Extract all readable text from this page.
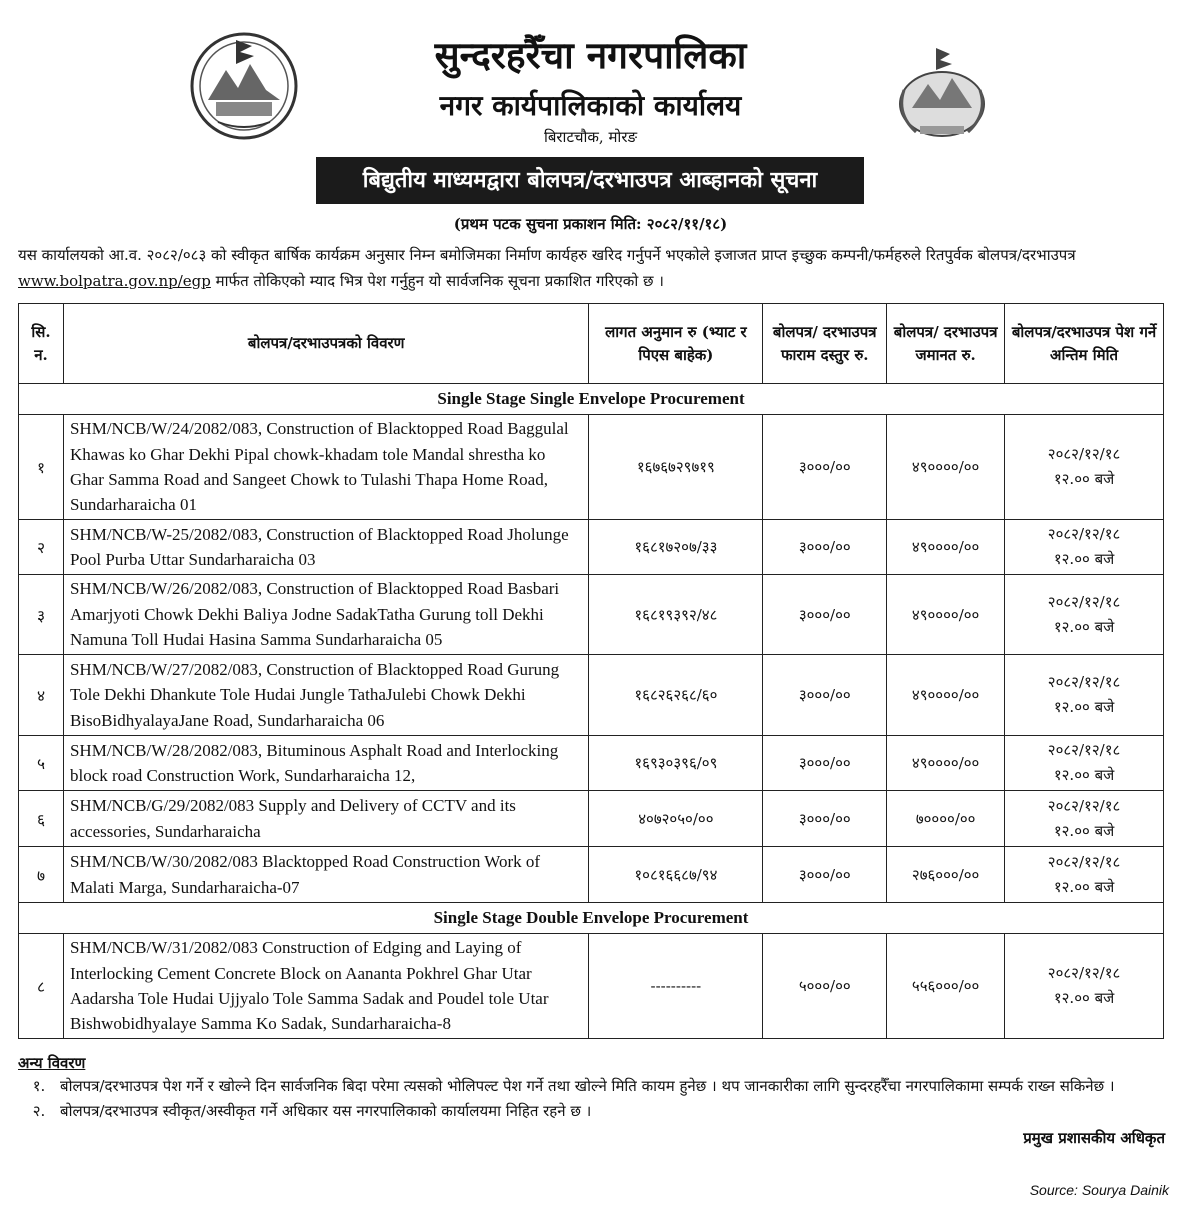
सुन्दरहरैँचा नगरपालिका
नगर कार्यपालिकाको कार्यालय
बिराटचौक, मोरङ
बिद्युतीय माध्यमद्वारा बोलपत्र/दरभाउपत्र आब्हानको सूचना
(प्रथम पटक सुचना प्रकाशन मिति: २०८२/११/१८)
यस कार्यालयको आ.व. २०८२/०८३ को स्वीकृत बार्षिक कार्यक्रम अनुसार निम्न बमोजिमका निर्माण कार्यहरु खरिद गर्नुपर्ने भएकोले इजाजत प्राप्त इच्छुक कम्पनी/फर्महरुले रितपुर्वक बोलपत्र/दरभाउपत्र
www.bolpatra.gov.np/egp मार्फत तोकिएको म्याद भित्र पेश गर्नुहुन यो सार्वजनिक सूचना प्रकाशित गरिएको छ ।
सि. न.	बोलपत्र/दरभाउपत्रको विवरण	लागत अनुमान रु (भ्याट र पिएस बाहेक)	बोलपत्र/ दरभाउपत्र फाराम दस्तुर रु.	बोलपत्र/ दरभाउपत्र जमानत रु.	बोलपत्र/दरभाउपत्र पेश गर्ने अन्तिम मिति
Single Stage Single Envelope Procurement					
१	SHM/NCB/W/24/2082/083, Construction of Blacktopped Road Baggulal Khawas ko Ghar Dekhi Pipal chowk-khadam tole Mandal shrestha ko Ghar Samma Road and Sangeet Chowk to Tulashi Thapa Home Road, Sundarharaicha 01	१६७६७२९७१९	३०००/००	४९००००/००	२०८२/१२/१८
१२.०० बजे
२	SHM/NCB/W-25/2082/083, Construction of Blacktopped Road Jholunge Pool Purba Uttar Sundarharaicha 03	१६८१७२०७/३३	३०००/००	४९००००/००	२०८२/१२/१८
१२.०० बजे
३	SHM/NCB/W/26/2082/083, Construction of Blacktopped Road Basbari Amarjyoti Chowk Dekhi Baliya Jodne SadakTatha Gurung toll Dekhi Namuna Toll Hudai Hasina Samma Sundarharaicha 05	१६८१९३९२/४८	३०००/००	४९००००/००	२०८२/१२/१८
१२.०० बजे
४	SHM/NCB/W/27/2082/083, Construction of Blacktopped Road Gurung Tole Dekhi Dhankute Tole Hudai Jungle TathaJulebi Chowk Dekhi BisoBidhyalayaJane Road, Sundarharaicha 06	१६८२६२६८/६०	३०००/००	४९००००/००	२०८२/१२/१८
१२.०० बजे
५	SHM/NCB/W/28/2082/083, Bituminous Asphalt Road and Interlocking block road Construction Work, Sundarharaicha 12,	१६९३०३९६/०९	३०००/००	४९००००/००	२०८२/१२/१८
१२.०० बजे
६	SHM/NCB/G/29/2082/083 Supply and Delivery of CCTV and its accessories, Sundarharaicha	४०७२०५०/००	३०००/००	७००००/००	२०८२/१२/१८
१२.०० बजे
७	SHM/NCB/W/30/2082/083 Blacktopped Road Construction Work of Malati Marga, Sundarharaicha-07	१०८१६६८७/९४	३०००/००	२७६०००/००	२०८२/१२/१८
१२.०० बजे
Single Stage Double Envelope Procurement					
८	SHM/NCB/W/31/2082/083 Construction of Edging and Laying of Interlocking Cement Concrete Block on Aananta Pokhrel Ghar Utar Aadarsha Tole Hudai Ujjyalo Tole Samma Sadak and Poudel tole Utar Bishwobidhyalaye Samma Ko Sadak, Sundarharaicha-8	----------	५०००/००	५५६०००/००	२०८२/१२/१८
१२.०० बजे
अन्य विवरण
१. बोलपत्र/दरभाउपत्र पेश गर्ने र खोल्ने दिन सार्वजनिक बिदा परेमा त्यसको भोलिपल्ट पेश गर्ने तथा खोल्ने मिति कायम हुनेछ । थप जानकारीका लागि सुन्दरहरैँचा नगरपालिकामा सम्पर्क राख्न सकिनेछ ।
२. बोलपत्र/दरभाउपत्र स्वीकृत/अस्वीकृत गर्ने अधिकार यस नगरपालिकाको कार्यालयमा निहित रहने छ ।
प्रमुख प्रशासकीय अधिकृत
Source: Sourya Dainik
